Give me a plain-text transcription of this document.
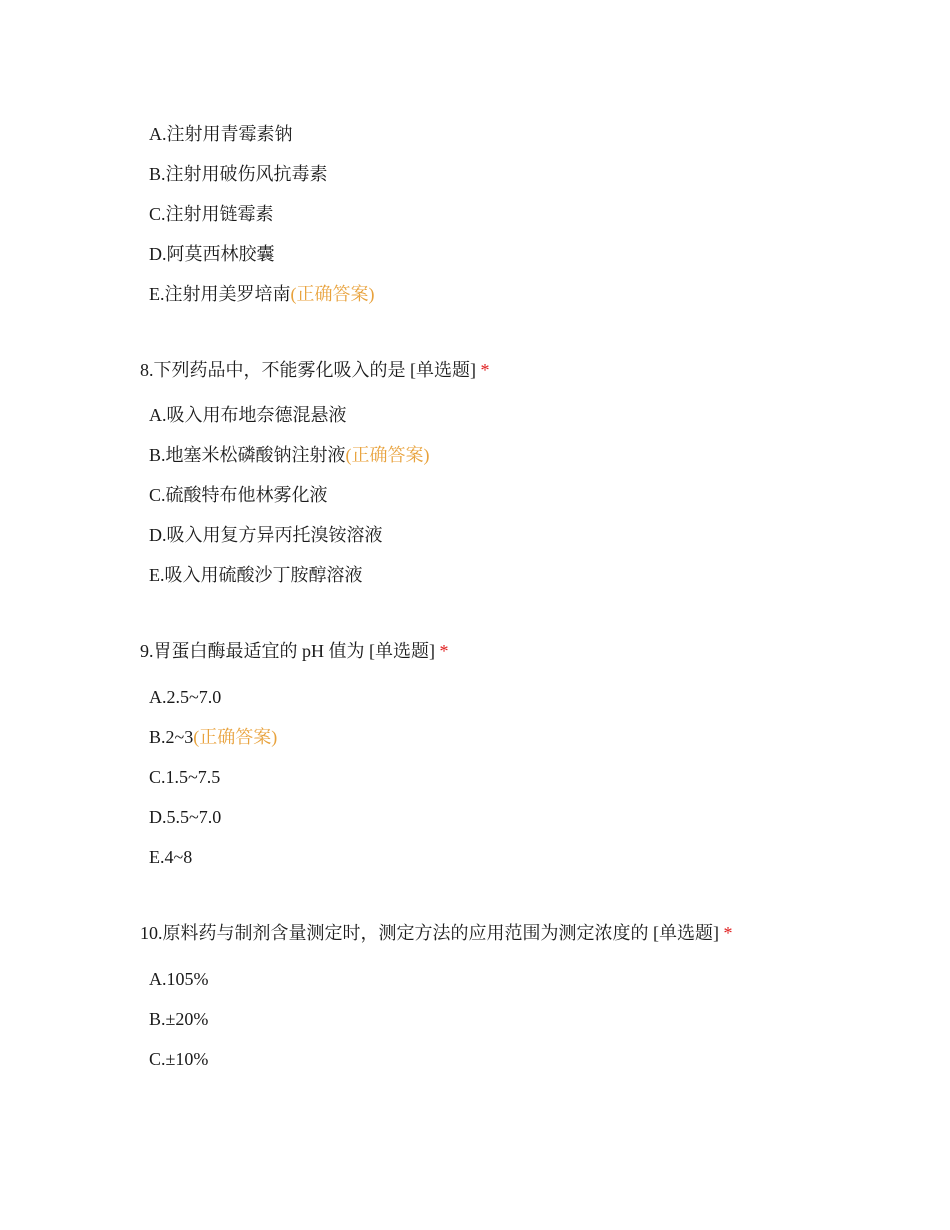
A.注射用青霉素钠
B.注射用破伤风抗毒素
C.注射用链霉素
D.阿莫西林胶囊
E.注射用美罗培南(正确答案)
8.下列药品中，不能雾化吸入的是 [单选题] *
A.吸入用布地奈德混悬液
B.地塞米松磷酸钠注射液(正确答案)
C.硫酸特布他林雾化液
D.吸入用复方异丙托溴铵溶液
E.吸入用硫酸沙丁胺醇溶液
9.胃蛋白酶最适宜的 pH 值为 [单选题] *
A.2.5~7.0
B.2~3(正确答案)
C.1.5~7.5
D.5.5~7.0
E.4~8
10.原料药与制剂含量测定时，测定方法的应用范围为测定浓度的 [单选题] *
A.105%
B.±20%
C.±10%
